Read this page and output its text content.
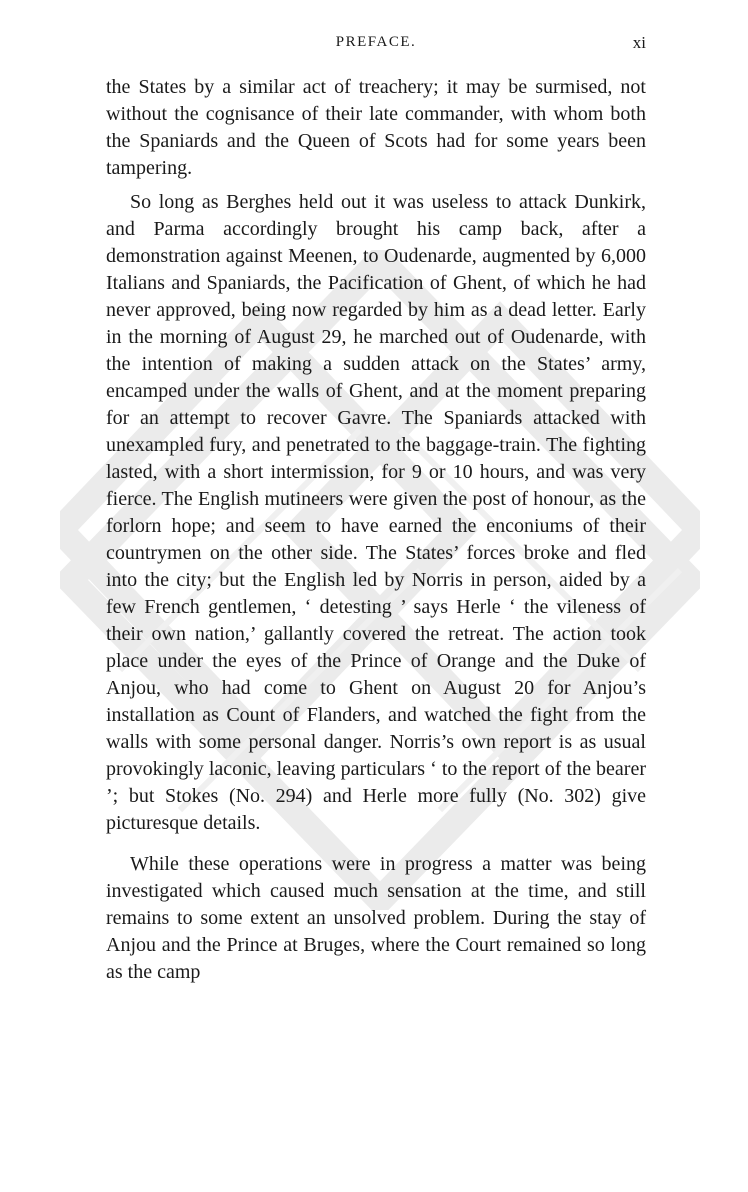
PREFACE.	xi

the States by a similar act of treachery; it may be surmised, not without the cognisance of their late commander, with whom both the Spaniards and the Queen of Scots had for some years been tampering.

So long as Berghes held out it was useless to attack Dunkirk, and Parma accordingly brought his camp back, after a demonstration against Meenen, to Oudenarde, augmented by 6,000 Italians and Spaniards, the Pacification of Ghent, of which he had never approved, being now regarded by him as a dead letter. Early in the morning of August 29, he marched out of Oudenarde, with the intention of making a sudden attack on the States’ army, encamped under the walls of Ghent, and at the moment preparing for an attempt to recover Gavre. The Spaniards attacked with unexampled fury, and penetrated to the baggage-train. The fighting lasted, with a short intermission, for 9 or 10 hours, and was very fierce. The English mutineers were given the post of honour, as the forlorn hope; and seem to have earned the enconiums of their countrymen on the other side. The States’ forces broke and fled into the city; but the English led by Norris in person, aided by a few French gentlemen, ‘ detesting ’ says Herle ‘ the vileness of their own nation,’ gallantly covered the retreat. The action took place under the eyes of the Prince of Orange and the Duke of Anjou, who had come to Ghent on August 20 for Anjou’s installation as Count of Flanders, and watched the fight from the walls with some personal danger. Norris’s own report is as usual provokingly laconic, leaving particulars ‘ to the report of the bearer ’; but Stokes (No. 294) and Herle more fully (No. 302) give picturesque details.

While these operations were in progress a matter was being investigated which caused much sensation at the time, and still remains to some extent an unsolved problem. During the stay of Anjou and the Prince at Bruges, where the Court remained so long as the camp
